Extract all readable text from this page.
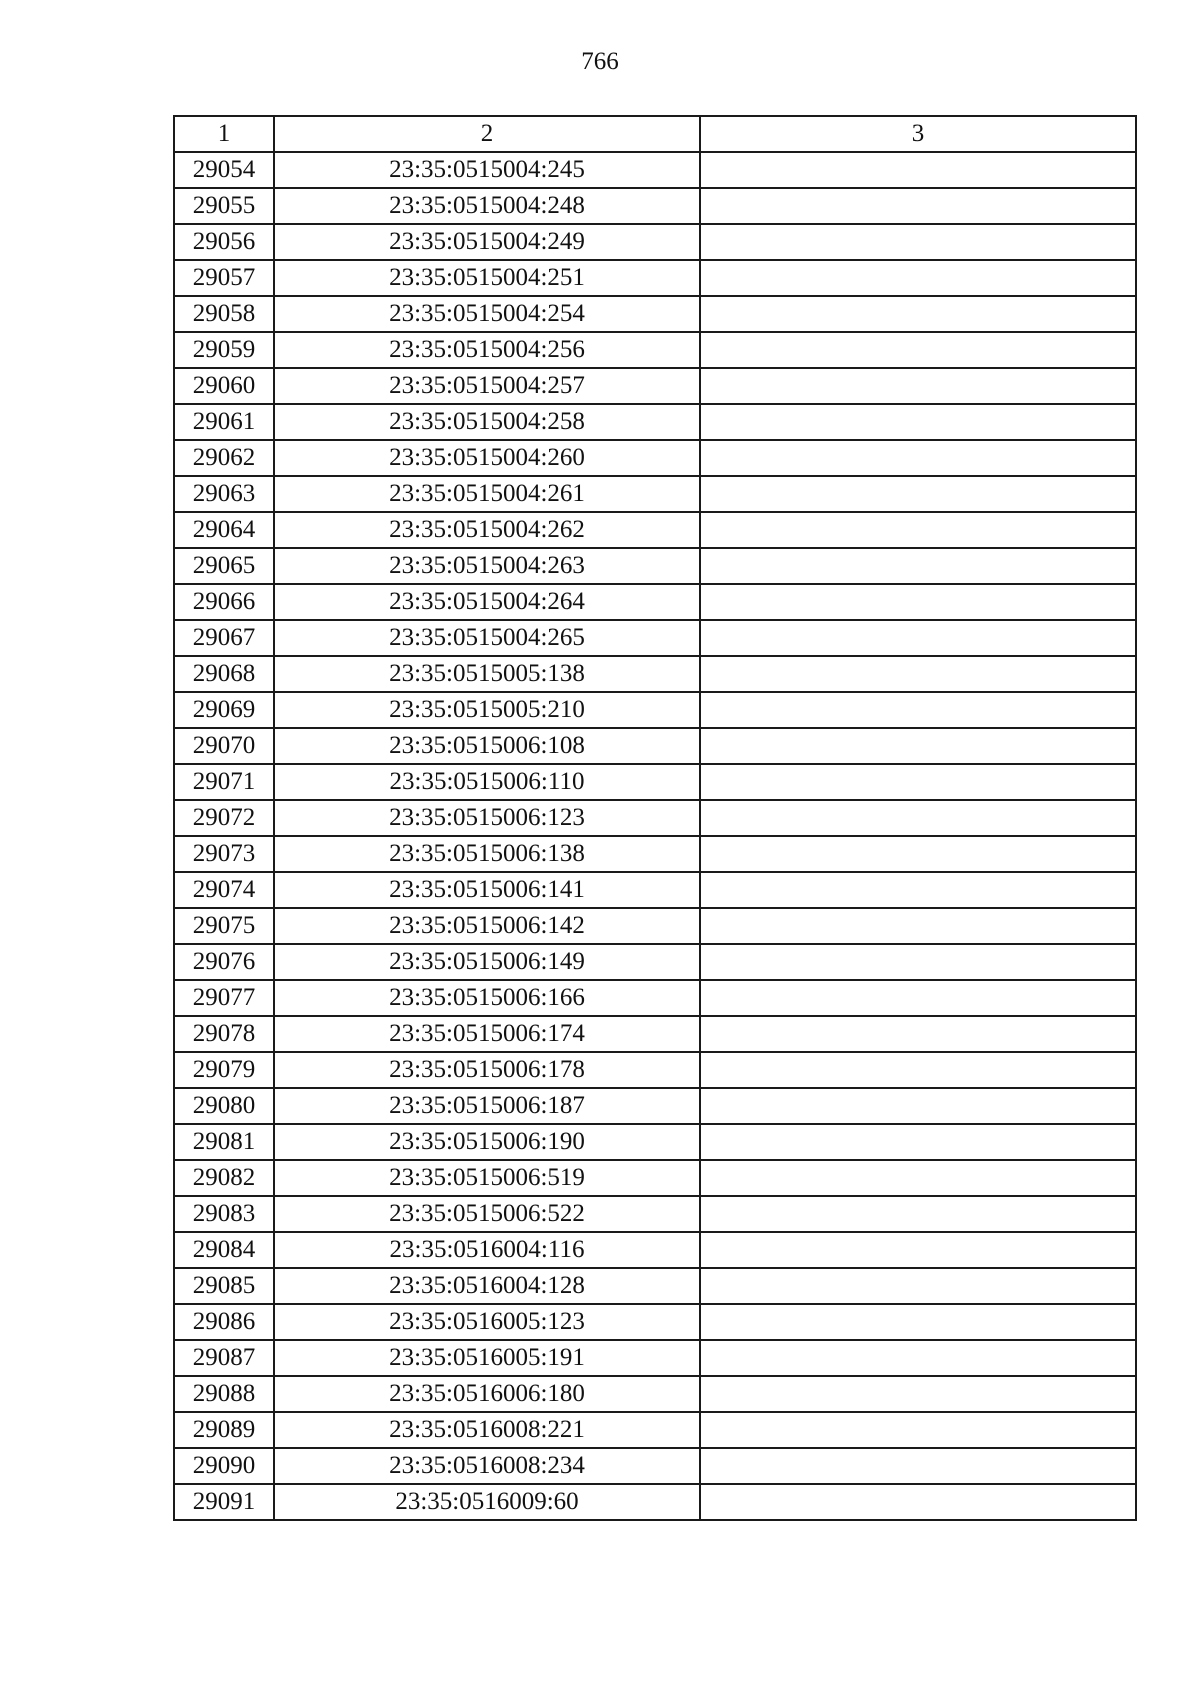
766
1	2	3
29054	23:35:0515004:245	
29055	23:35:0515004:248	
29056	23:35:0515004:249	
29057	23:35:0515004:251	
29058	23:35:0515004:254	
29059	23:35:0515004:256	
29060	23:35:0515004:257	
29061	23:35:0515004:258	
29062	23:35:0515004:260	
29063	23:35:0515004:261	
29064	23:35:0515004:262	
29065	23:35:0515004:263	
29066	23:35:0515004:264	
29067	23:35:0515004:265	
29068	23:35:0515005:138	
29069	23:35:0515005:210	
29070	23:35:0515006:108	
29071	23:35:0515006:110	
29072	23:35:0515006:123	
29073	23:35:0515006:138	
29074	23:35:0515006:141	
29075	23:35:0515006:142	
29076	23:35:0515006:149	
29077	23:35:0515006:166	
29078	23:35:0515006:174	
29079	23:35:0515006:178	
29080	23:35:0515006:187	
29081	23:35:0515006:190	
29082	23:35:0515006:519	
29083	23:35:0515006:522	
29084	23:35:0516004:116	
29085	23:35:0516004:128	
29086	23:35:0516005:123	
29087	23:35:0516005:191	
29088	23:35:0516006:180	
29089	23:35:0516008:221	
29090	23:35:0516008:234	
29091	23:35:0516009:60	
